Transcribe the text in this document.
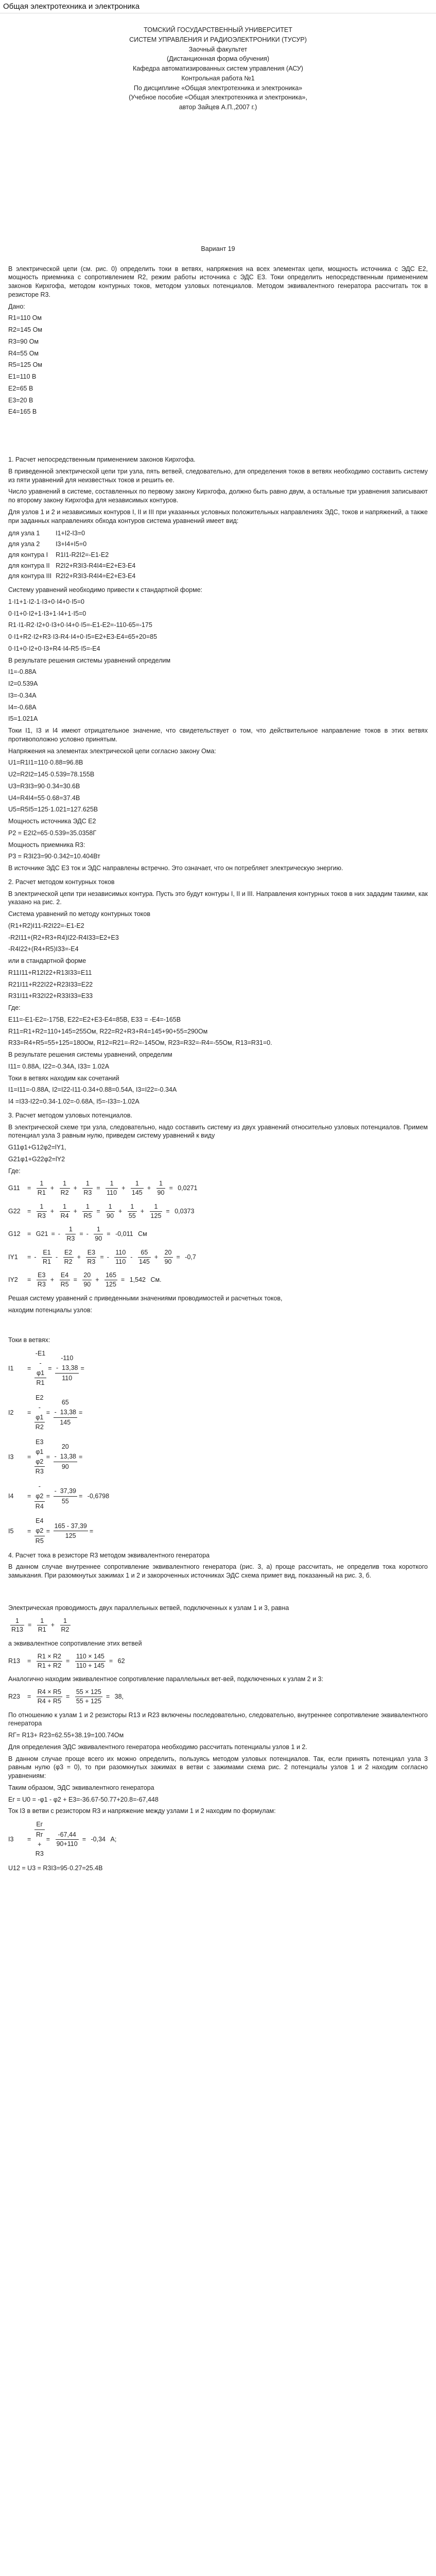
Общая электротехника и электроника
ТОМСКИЙ ГОСУДАРСТВЕННЫЙ УНИВЕРСИТЕТ
СИСТЕМ УПРАВЛЕНИЯ И РАДИОЭЛЕКТРОНИКИ (ТУСУР)
Заочный факультет
(Дистанционная форма обучения)
Кафедра автоматизированных систем управления (АСУ)
Контрольная работа №1
По дисциплине «Общая электротехника и электроника»
(Учебное пособие «Общая электротехника и электроника»,
автор Зайцев А.П.,2007 г.)
Вариант 19

В электрической цепи (см. рис. 0) определить токи в ветвях, напряжения на всех элементах цепи, мощность источника с ЭДС Е2, мощность приемника с сопротивлением R2, режим работы источника с ЭДС Е3. Токи определить непосредственным применением законов Кирхгофа, методом контурных токов, методом узловых потенциалов. Методом эквивалентного генератора рассчитать ток в резисторе R3.

Дано:
R1=110 Ом
R2=145 Ом
R3=90 Ом
R4=55 Ом
R5=125 Ом
E1=110 В
E2=65 В
E3=20 В
E4=165 В
1. Расчет непосредственным применением законов Кирхгофа.

В приведенной электрической цепи три узла, пять ветвей, следовательно, для определения токов в ветвях необходимо составить систему из пяти уравнений для неизвестных токов и решить ее.

Число уравнений в системе, составленных по первому закону Кирхгофа, должно быть равно двум, а остальные три уравнения записывают по второму закону Кирхгофа для независимых контуров.

Для узлов 1 и 2 и независимых контуров I, II и III при указанных условных положительных направлениях ЭДС, токов и напряжений, а также при заданных направлениях обхода контуров система уравнений имеет вид:

для узла 1	I1+I2-I3=0
для узла 2	I3+I4+I5=0
для контура I	R1I1-R2I2=-E1-E2
для контура II	R2I2+R3I3-R4I4=E2+E3-E4
для контура III	R2I2+R3I3-R4I4=E2+E3-E4

Систему уравнений необходимо привести к стандартной форме:

1·I1+1·I2-1·I3+0·I4+0·I5=0
0·I1+0·I2+1·I3+1·I4+1·I5=0
R1·I1-R2·I2+0·I3+0·I4+0·I5=-E1-E2=-110-65=-175
0·I1+R2·I2+R3·I3-R4·I4+0·I5=E2+E3-E4=65+20=85
0·I1+0·I2+0·I3+R4·I4-R5·I5=-E4

В результате решения системы уравнений определим

I1=-0.88A
I2=0.539A
I3=-0.34A
I4=-0.68A
I5=1.021A

Токи I1, I3 и I4 имеют отрицательное значение, что свидетельствует о том, что действительное направление токов в этих ветвях противоположно условно принятым.

Напряжения на элементах электрической цепи согласно закону Ома:

U1=R1I1=110·0.88=96.8B
U2=R2I2=145·0.539=78.155B
U3=R3I3=90·0.34=30.6B
U4=R4I4=55·0.68=37.4B
U5=R5I5=125·1.021=127.625B

Мощность источника ЭДС Е2

P2 = E2I2=65·0.539=35.0358Г

Мощность приемника R3:

P3 = R3I23=90·0.342=10.404Вт

В источнике ЭДС Е3 ток и ЭДС направлены встречно. Это означает, что он потребляет электрическую энергию.

2. Расчет методом контурных токов

В электрической цепи три независимых контура. Пусть это будут контуры I, II и III. Направления контурных токов в них зададим такими, как указано на рис. 2.

Система уравнений по методу контурных токов

(R1+R2)I11-R2I22=-E1-E2
-R2I11+(R2+R3+R4)I22-R4I33=E2+E3
-R4I22+(R4+R5)I33=-E4
или в стандартной форме
R11I11+R12I22+R13I33=E11
R21I11+R22I22+R23I33=E22
R31I11+R32I22+R33I33=E33
Где:
E11=-E1-E2=-175B, E22=E2+E3-E4=85B, E33 = -E4=-165B
R11=R1+R2=110+145=255Ом, R22=R2+R3+R4=145+90+55=290Ом
R33=R4+R5=55+125=180Ом, R12=R21=-R2=-145Ом, R23=R32=-R4=-55Ом, R13=R31=0.

В результате решения системы уравнений, определим

I11= 0.88A, I22=-0.34A, I33= 1.02A

Токи в ветвях находим как сочетаний

I1=I11=-0.88A, I2=I22-I11-0.34+0.88=0.54A, I3=I22=-0.34A
I4 =I33-I22=0.34-1.02=-0.68A, I5=-I33=-1.02A
3. Расчет методом узловых потенциалов.

В электрической схеме три узла, следовательно, надо составить систему из двух уравнений относительно узловых потенциалов. Примем потенциал узла 3 равным нулю, приведем систему уравнений к виду

G11φ1+G12φ2=lY1,
G21φ1+G22φ2=lY2
Где:
$G11 = \frac{1}{R1} + \frac{1}{R2} + \frac{1}{R3} = \frac{1}{110} + \frac{1}{145} + \frac{1}{90} = 0,0271$
$G22 = \frac{1}{R3} + \frac{1}{R4} + \frac{1}{R5} = \frac{1}{90} + \frac{1}{55} + \frac{1}{125} = 0,0373$
G12 = G21 = - $\frac{1}{R3}$ = - $\frac{1}{90} = -0,011$ См
IY1 = - $\frac{E1}{R1} - \frac{E2}{R2} + \frac{E3}{R3}$ = - $\frac{110}{110} - \frac{65}{145} + \frac{20}{90} = -0,7$
$IY2 = \frac{E3}{R3} + \frac{E4}{R5} = \frac{20}{90} + \frac{165}{125} = 1,542$ См.

Решая систему уравнений с приведенными значениями проводимостей и расчетных токов,

находим потенциалы узлов:

Токи в ветвях:

I1 =
-E1
-
φ1
R1
=
-110
- 13,38
110
=
I2 =
E2
-
φ1
R2
=
65
- 13,38
145
=
I3 =
E3
φ1
φ2
R3
=
20
- 13,38
90
=
I4 =
-
φ2
R4
= $\frac{- 37,39}{55} = -0,6798$
I5 =
E4
φ2
R5
= $\frac{165 - 37,39}{125}$ =
4. Расчет тока в резисторе R3 методом эквивалентного генератора

В данном случае внутреннее сопротивление эквивалентного генератора (рис. 3, а) проще рассчитать, не определив тока короткого замыкания. При разомкнутых зажимах 1 и 2 и закороченных источниках ЭДС схема примет вид, показанный на рис. 3, б.

Электрическая проводимость двух параллельных ветвей, подключенных к узлам 1 и 3, равна

$\frac{1}{R13} = \frac{1}{R1} + \frac{1}{R2}$

а эквивалентное сопротивление этих ветвей

$R13 = \frac{R1 \times R2}{R1 + R2} = \frac{110 \times 145}{110 + 145} = 62$

Аналогично находим эквивалентное сопротивление параллельных вет-вей, подключенных к узлам 2 и 3:

$R23 = \frac{R4 \times R5}{R4 + R5} = \frac{55 \times 125}{55 + 125} = 38$,

По отношению к узлам 1 и 2 резисторы R13 и R23 включены последовательно, следовательно, внутреннее сопротивление эквивалентного генератора

RГ= R13+ R23=62.55+38.19=100.74Ом

Для определения ЭДС эквивалентного генератора необходимо рассчитать потенциалы узлов 1 и 2.

В данном случае проще всего их можно определить, пользуясь методом узловых потенциалов. Так, если принять потенциал узла 3 равным нулю (φ3 = 0), то при разомкнутых зажимах в ветви с зажимами схема рис. 2 потенциалы узлов 1 и 2 находим согласно уравнениям:

Таким образом, ЭДС эквивалентного генератора

Eг = U0 = -φ1 - φ2 + E3=-36.67-50.77+20.8=-67,448

Ток I3 в ветви с резистором R3 и напряжение между узлами 1 и 2 находим по формулам:

I3 =
Eг
Rг
+
R3
= $\frac{-67,44}{90+110} = -0,34$ A;
U12 = U3 = R3I3=95·0.27=25.4B
